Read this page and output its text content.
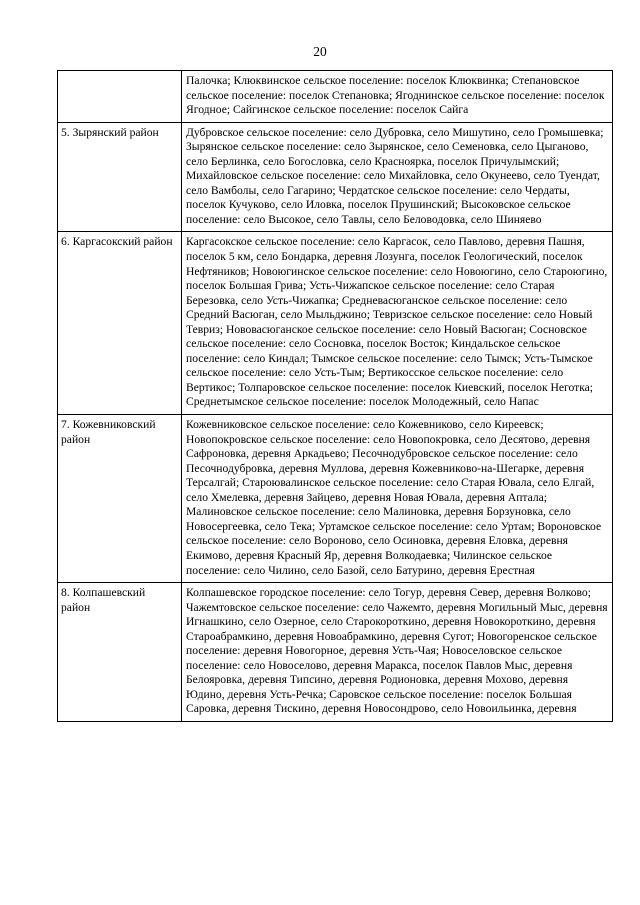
20
	Палочка; Клюквинское сельское поселение: поселок Клюквинка; Степановское сельское поселение: поселок Степановка; Ягоднинское сельское поселение: поселок Ягодное; Сайгинское сельское поселение: поселок Сайга
5. Зырянский район	Дубровское сельское поселение: село Дубровка, село Мишутино, село Громышевка; Зырянское сельское поселение: село Зырянское, село Семеновка, село Цыганово, село Берлинка, село Богословка, село Красноярка, поселок Причулымский; Михайловское сельское поселение: село Михайловка, село Окунеево, село Туендат, село Вамболы, село Гагарино; Чердатское сельское поселение: село Чердаты, поселок Кучуково, село Иловка, поселок Прушинский; Высоковское сельское поселение: село Высокое, село Тавлы, село Беловодовка, село Шиняево
6. Каргасокский район	Каргасокское сельское поселение: село Каргасок, село Павлово, деревня Пашня, поселок 5 км, село Бондарка, деревня Лозунга, поселок Геологический, поселок Нефтяников; Новоюгинское сельское поселение: село Новоюгино, село Староюгино, поселок Большая Грива; Усть-Чижапское сельское поселение: село Старая Березовка, село Усть-Чижапка; Средневасюганское сельское поселение: село Средний Васюган, село Мыльджино; Тевризское сельское поселение: село Новый Тевриз; Нововасюганское сельское поселение: село Новый Васюган; Сосновское сельское поселение: село Сосновка, поселок Восток; Киндальское сельское поселение: село Киндал; Тымское сельское поселение: село Тымск; Усть-Тымское сельское поселение: село Усть-Тым; Вертикосское сельское поселение: село Вертикос; Толпаровское сельское поселение: поселок Киевский, поселок Неготка; Среднетымское сельское поселение: поселок Молодежный, село Напас
7. Кожевниковский район	Кожевниковское сельское поселение: село Кожевниково, село Киреевск; Новопокровское сельское поселение: село Новопокровка, село Десятово, деревня Сафроновка, деревня Аркадьево; Песочнодубровское сельское поселение: село Песочнодубровка, деревня Муллова, деревня Кожевниково-на-Шегарке, деревня Терсалгай; Староювалинское сельское поселение: село Старая Ювала, село Елгай, село Хмелевка, деревня Зайцево, деревня Новая Ювала, деревня Аптала; Малиновское сельское поселение: село Малиновка, деревня Борзуновка, село Новосергеевка, село Тека; Уртамское сельское поселение: село Уртам; Вороновское сельское поселение: село Вороново, село Осиновка, деревня Еловка, деревня Екимово, деревня Красный Яр, деревня Волкодаевка; Чилинское сельское поселение: село Чилино, село Базой, село Батурино, деревня Ерестная
8. Колпашевский район	Колпашевское городское поселение: село Тогур, деревня Север, деревня Волково; Чажемтовское сельское поселение: село Чажемто, деревня Могильный Мыс, деревня Игнашкино, село Озерное, село Старокороткино, деревня Новокороткино, деревня Староабрамкино, деревня Новоабрамкино, деревня Сугот; Новогоренское сельское поселение: деревня Новогорное, деревня Усть-Чая; Новоселовское сельское поселение: село Новоселово, деревня Маракса, поселок Павлов Мыс, деревня Белояровка, деревня Типсино, деревня Родионовка, деревня Мохово, деревня Юдино, деревня Усть-Речка; Саровское сельское поселение: поселок Большая Саровка, деревня Тискино, деревня Новосондрово, село Новоильинка, деревня
